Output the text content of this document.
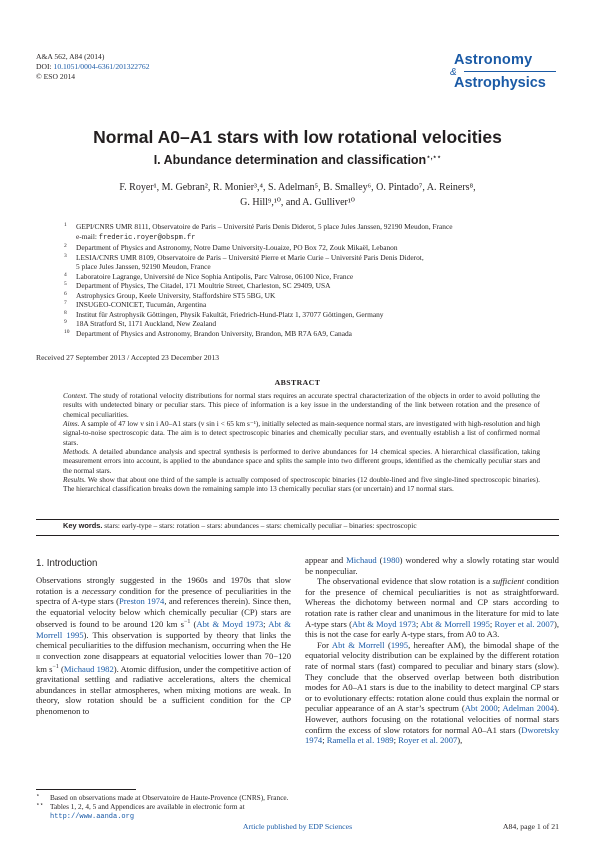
A&A 562, A84 (2014)
DOI: 10.1051/0004-6361/201322762
© ESO 2014
Astronomy
&
Astrophysics
Normal A0–A1 stars with low rotational velocities
I. Abundance determination and classification⋆,⋆⋆
F. Royer¹, M. Gebran², R. Monier³,⁴, S. Adelman⁵, B. Smalley⁶, O. Pintado⁷, A. Reiners⁸,
G. Hill⁹,¹⁰, and A. Gulliver¹⁰
1 GEPI/CNRS UMR 8111, Observatoire de Paris – Université Paris Denis Diderot, 5 place Jules Janssen, 92190 Meudon, France
e-mail: frederic.royer@obspm.fr
2 Department of Physics and Astronomy, Notre Dame University-Louaize, PO Box 72, Zouk Mikaël, Lebanon
3 LESIA/CNRS UMR 8109, Observatoire de Paris – Université Pierre et Marie Curie – Université Paris Denis Diderot,
5 place Jules Janssen, 92190 Meudon, France
4 Laboratoire Lagrange, Université de Nice Sophia Antipolis, Parc Valrose, 06100 Nice, France
5 Department of Physics, The Citadel, 171 Moultrie Street, Charleston, SC 29409, USA
6 Astrophysics Group, Keele University, Staffordshire ST5 5BG, UK
7 INSUGEO-CONICET, Tucumán, Argentina
8 Institut für Astrophysik Göttingen, Physik Fakultät, Friedrich-Hund-Platz 1, 37077 Göttingen, Germany
9 18A Stratford St, 1171 Auckland, New Zealand
10 Department of Physics and Astronomy, Brandon University, Brandon, MB R7A 6A9, Canada
Received 27 September 2013 / Accepted 23 December 2013
ABSTRACT

Context. The study of rotational velocity distributions for normal stars requires an accurate spectral characterization of the objects in order to avoid polluting the results with undetected binary or peculiar stars. This piece of information is a key issue in the understanding of the link between rotation and the presence of chemical peculiarities.

Aims. A sample of 47 low v sin i A0–A1 stars (v sin i < 65 km s⁻¹), initially selected as main-sequence normal stars, are investigated with high-resolution and high signal-to-noise spectroscopic data. The aim is to detect spectroscopic binaries and chemically peculiar stars, and eventually establish a list of confirmed normal stars.

Methods. A detailed abundance analysis and spectral synthesis is performed to derive abundances for 14 chemical species. A hierarchical classification, taking measurement errors into account, is applied to the abundance space and splits the sample into two different groups, identified as the chemically peculiar stars and the normal stars.

Results. We show that about one third of the sample is actually composed of spectroscopic binaries (12 double-lined and five single-lined spectroscopic binaries). The hierarchical classification breaks down the remaining sample into 13 chemically peculiar stars (or uncertain) and 17 normal stars.

Key words. stars: early-type – stars: rotation – stars: abundances – stars: chemically peculiar – binaries: spectroscopic
1. Introduction

Observations strongly suggested in the 1960s and 1970s that slow rotation is a necessary condition for the presence of peculiarities in the spectra of A-type stars (Preston 1974, and references therein). Since then, the equatorial velocity below which chemically peculiar (CP) stars are observed is found to be around 120 km $s^{-1}$ (Abt & Moyd 1973; Abt & Morrell 1995). This observation is supported by theory that links the chemical peculiarities to the diffusion mechanism, occurring when the He ii convection zone disappears at equatorial velocities lower than 70−120 km $s^{-1}$ (Michaud 1982). Atomic diffusion, under the competitive action of gravitational settling and radiative accelerations, alters the chemical abundances in stellar atmospheres, when mixing motions are weak. In theory, slow rotation should be a sufficient condition for the CP phenomenon to

appear and Michaud (1980) wondered why a slowly rotating star would be nonpeculiar.

The observational evidence that slow rotation is a sufficient condition for the presence of chemical peculiarities is not as straightforward. Whereas the dichotomy between normal and CP stars according to rotation rate is rather clear and unanimous in the literature for mid to late A-type stars (Abt & Moyd 1973; Abt & Morrell 1995; Royer et al. 2007), this is not the case for early A-type stars, from A0 to A3.

For Abt & Morrell (1995, hereafter AM), the bimodal shape of the equatorial velocity distribution can be explained by the different rotation rate of normal stars (fast) compared to peculiar and binary stars (slow). They conclude that the observed overlap between both distribution modes for A0–A1 stars is due to the inability to detect marginal CP stars or to evolutionary effects: rotation alone could thus explain the normal or peculiar appearance of an A star’s spectrum (Abt 2000; Adelman 2004). However, authors focusing on the rotational velocities of normal stars confirm the excess of slow rotators for normal A0–A1 stars (Dworetsky 1974; Ramella et al. 1989; Royer et al. 2007),

⋆ Based on observations made at Observatoire de Haute-Provence (CNRS), France.
⋆⋆ Tables 1, 2, 4, 5 and Appendices are available in electronic form at
http://www.aanda.org
Article published by EDP Sciences	A84, page 1 of 21
